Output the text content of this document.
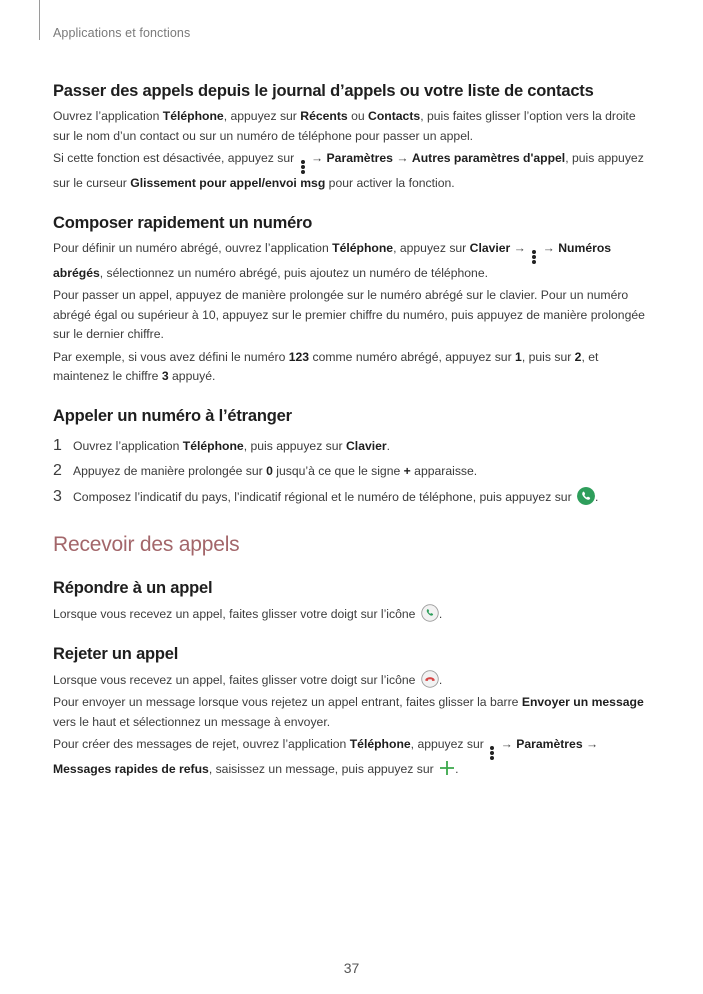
Applications et fonctions
Passer des appels depuis le journal d’appels ou votre liste de contacts

Ouvrez l’application Téléphone, appuyez sur Récents ou Contacts, puis faites glisser l’option vers la droite sur le nom d’un contact ou sur un numéro de téléphone pour passer un appel.

Si cette fonction est désactivée, appuyez sur
→ Paramètres → Autres paramètres d'appel, puis appuyez sur le curseur Glissement pour appel/envoi msg pour activer la fonction.

Composer rapidement un numéro

Pour définir un numéro abrégé, ouvrez l’application Téléphone, appuyez sur Clavier →
→ Numéros abrégés, sélectionnez un numéro abrégé, puis ajoutez un numéro de téléphone.

Pour passer un appel, appuyez de manière prolongée sur le numéro abrégé sur le clavier. Pour un numéro abrégé égal ou supérieur à 10, appuyez sur le premier chiffre du numéro, puis appuyez de manière prolongée sur le dernier chiffre.

Par exemple, si vous avez défini le numéro 123 comme numéro abrégé, appuyez sur 1, puis sur 2, et maintenez le chiffre 3 appuyé.

Appeler un numéro à l’étranger
1 Ouvrez l’application Téléphone, puis appuyez sur Clavier.
2 Appuyez de manière prolongée sur 0 jusqu’à ce que le signe + apparaisse.
3 Composez l’indicatif du pays, l’indicatif régional et le numéro de téléphone, puis appuyez sur .
Recevoir des appels
Répondre à un appel

Lorsque vous recevez un appel, faites glisser votre doigt sur l’icône .

Rejeter un appel

Lorsque vous recevez un appel, faites glisser votre doigt sur l’icône .

Pour envoyer un message lorsque vous rejetez un appel entrant, faites glisser la barre Envoyer un message vers le haut et sélectionnez un message à envoyer.

Pour créer des messages de rejet, ouvrez l’application Téléphone, appuyez sur
→ Paramètres → Messages rapides de refus, saisissez un message, puis appuyez sur .

37
